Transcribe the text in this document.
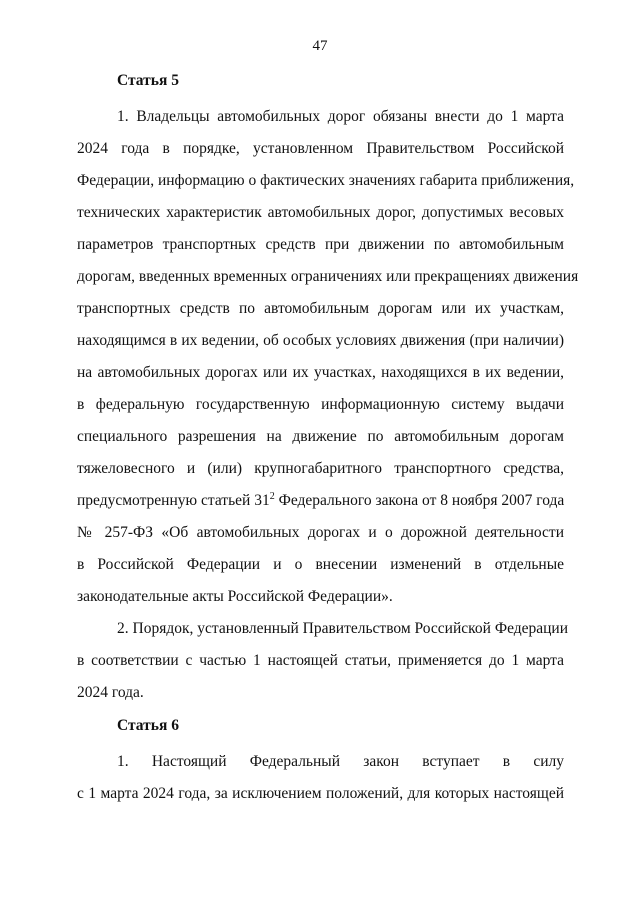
47
Статья 5
1. Владельцы автомобильных дорог обязаны внести до 1 марта
2024 года в порядке, установленном Правительством Российской
Федерации, информацию о фактических значениях габарита приближения,
технических характеристик автомобильных дорог, допустимых весовых
параметров транспортных средств при движении по автомобильным
дорогам, введенных временных ограничениях или прекращениях движения
транспортных средств по автомобильным дорогам или их участкам,
находящимся в их ведении, об особых условиях движения (при наличии)
на автомобильных дорогах или их участках, находящихся в их ведении,
в федеральную государственную информационную систему выдачи
специального разрешения на движение по автомобильным дорогам
тяжеловесного и (или) крупногабаритного транспортного средства,
предусмотренную статьей $31^2$ Федерального закона от 8 ноября 2007 года
№ 257-ФЗ «Об автомобильных дорогах и о дорожной деятельности
в Российской Федерации и о внесении изменений в отдельные
законодательные акты Российской Федерации».
2. Порядок, установленный Правительством Российской Федерации
в соответствии с частью 1 настоящей статьи, применяется до 1 марта
2024 года.
Статья 6
1. Настоящий Федеральный закон вступает в силу
с 1 марта 2024 года, за исключением положений, для которых настоящей
